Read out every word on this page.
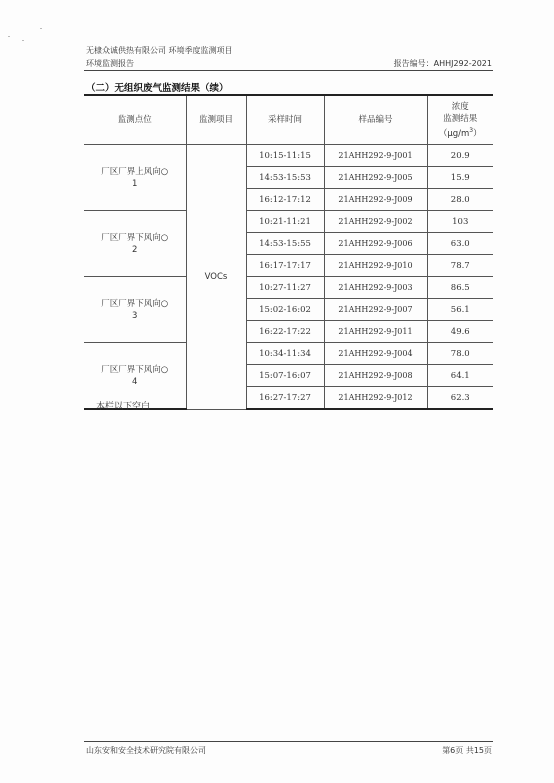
无棣众诚供热有限公司 环境季度监测项目
环境监测报告	报告编号：AHHJ292-2021
（二）无组织废气监测结果（续）
监测点位	监测项目	采样时间	样品编号	浓度
监测结果
$(\mu g/m^3)$

厂区厂界上风向○
1	VOCs	10:15-11:15	21AHH292-9-J001	20.9
		14:53-15:53	21AHH292-9-J005	15.9
		16:12-17:12	21AHH292-9-J009	28.0

厂区厂界下风向○
2		10:21-11:21	21AHH292-9-J002	103
		14:53-15:55	21AHH292-9-J006	63.0
		16:17-17:17	21AHH292-9-J010	78.7

厂区厂界下风向○
3		10:27-11:27	21AHH292-9-J003	86.5
		15:02-16:02	21AHH292-9-J007	56.1
		16:22-17:22	21AHH292-9-J011	49.6

厂区厂界下风向○
4		10:34-11:34	21AHH292-9-J004	78.0
		15:07-16:07	21AHH292-9-J008	64.1
		16:27-17:27	21AHH292-9-J012	62.3
本栏以下空白
山东安和安全技术研究院有限公司	第6页 共15页
